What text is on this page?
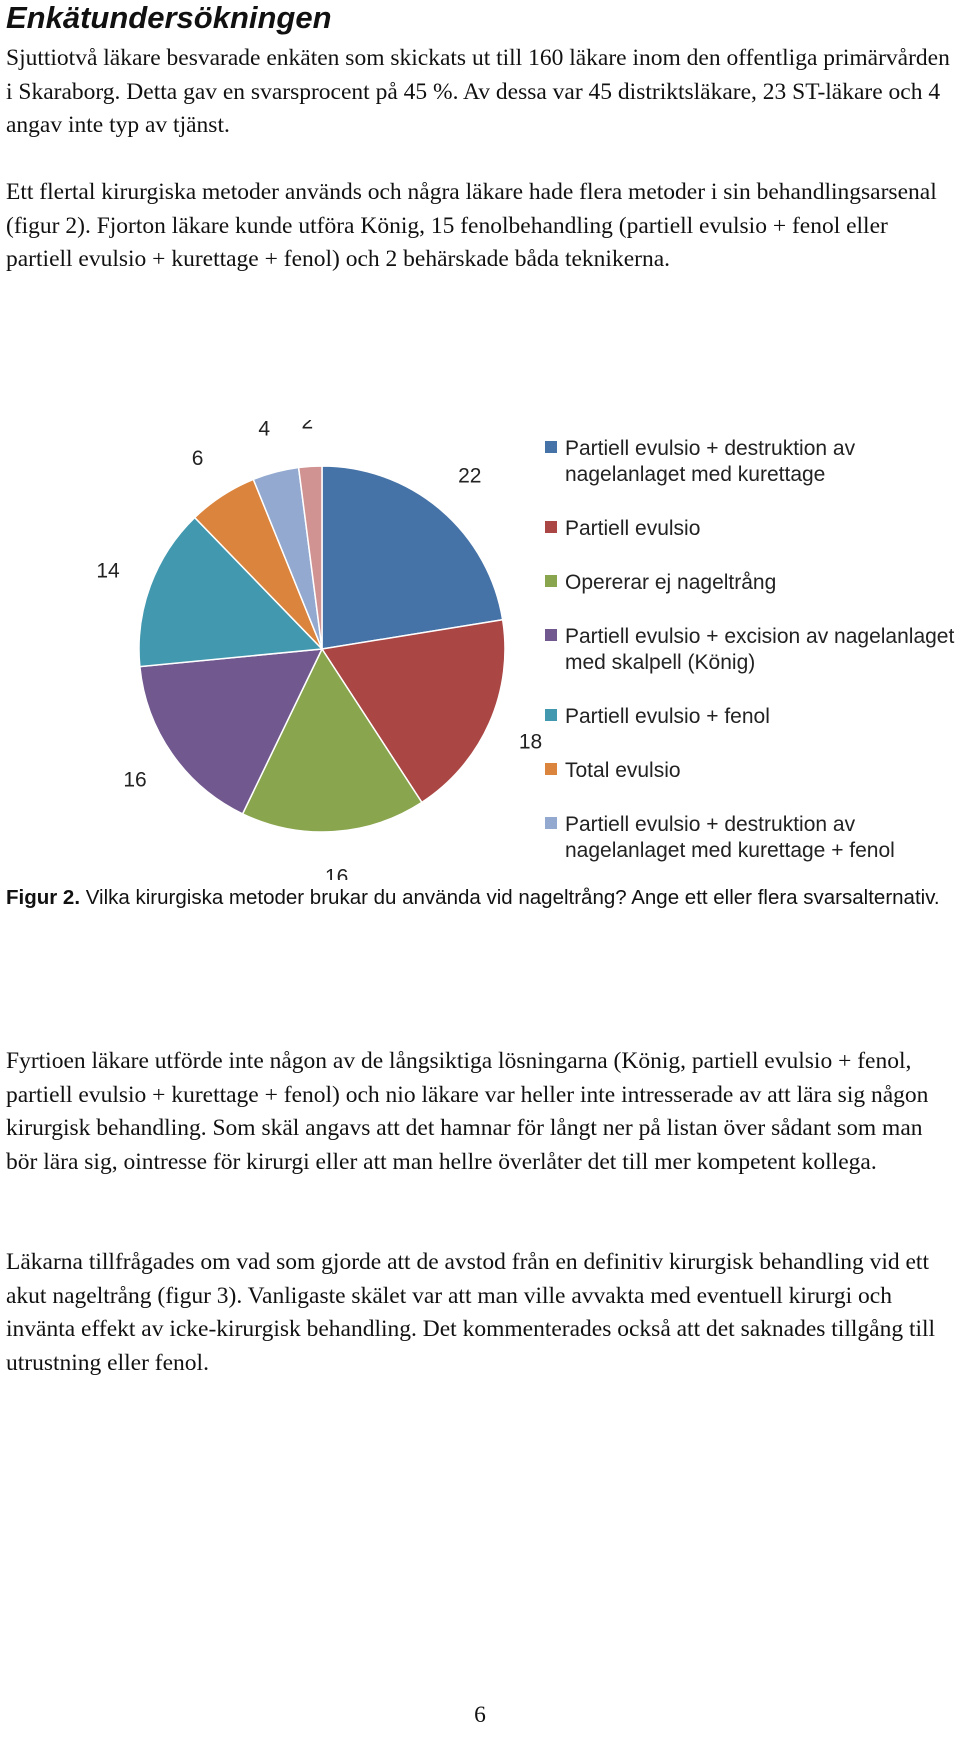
Enkätundersökningen

Sjuttiotvå läkare besvarade enkäten som skickats ut till 160 läkare inom den offentliga primärvården i Skaraborg. Detta gav en svarsprocent på 45 %. Av dessa var 45 distriktsläkare, 23 ST-läkare och 4 angav inte typ av tjänst.

Ett flertal kirurgiska metoder används och några läkare hade flera metoder i sin behandlingsarsenal (figur 2). Fjorton läkare kunde utföra König, 15 fenolbehandling (partiell evulsio + fenol eller partiell evulsio + kurettage + fenol) och 2 behärskade båda teknikerna.

22
18
16
16
14
6
4 2
Partiell evulsio + destruktion av nagelanlaget med kurettage
Partiell evulsio
Opererar ej nageltrång
Partiell evulsio + excision av nagelanlaget med skalpell (König)
Partiell evulsio + fenol
Total evulsio
Partiell evulsio + destruktion av nagelanlaget med kurettage + fenol

Figur 2. Vilka kirurgiska metoder brukar du använda vid nageltrång? Ange ett eller flera svarsalternativ.

Fyrtioen läkare utförde inte någon av de långsiktiga lösningarna (König, partiell evulsio + fenol, partiell evulsio + kurettage + fenol) och nio läkare var heller inte intresserade av att lära sig någon kirurgisk behandling. Som skäl angavs att det hamnar för långt ner på listan över sådant som man bör lära sig, ointresse för kirurgi eller att man hellre överlåter det till mer kompetent kollega.

Läkarna tillfrågades om vad som gjorde att de avstod från en definitiv kirurgisk behandling vid ett akut nageltrång (figur 3). Vanligaste skälet var att man ville avvakta med eventuell kirurgi och invänta effekt av icke-kirurgisk behandling. Det kommenterades också att det saknades tillgång till utrustning eller fenol.

6
